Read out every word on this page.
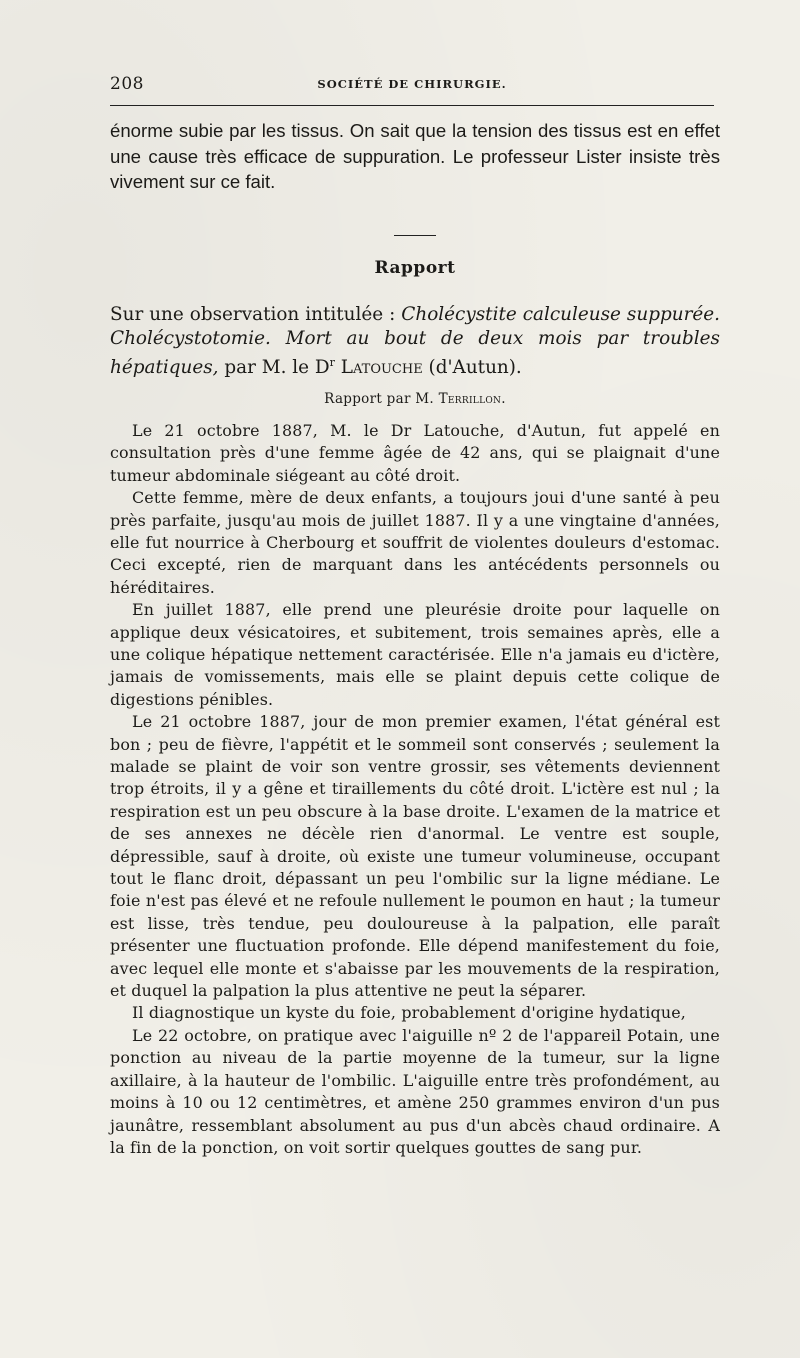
208	SOCIÉTÉ DE CHIRURGIE.

énorme subie par les tissus. On sait que la tension des tissus est en effet une cause très efficace de suppuration. Le professeur Lister insiste très vivement sur ce fait.

Rapport
Sur une observation intitulée : Cholécystite calculeuse suppurée. Cholécystotomie. Mort au bout de deux mois par troubles hépatiques, par M. le $D^r$ Latouche (d'Autun).
Rapport par M. Terrillon.

Le 21 octobre 1887, M. le Dr Latouche, d'Autun, fut appelé en consultation près d'une femme âgée de 42 ans, qui se plaignait d'une tumeur abdominale siégeant au côté droit.

Cette femme, mère de deux enfants, a toujours joui d'une santé à peu près parfaite, jusqu'au mois de juillet 1887. Il y a une vingtaine d'années, elle fut nourrice à Cherbourg et souffrit de violentes douleurs d'estomac. Ceci excepté, rien de marquant dans les antécédents personnels ou héréditaires.

En juillet 1887, elle prend une pleurésie droite pour laquelle on applique deux vésicatoires, et subitement, trois semaines après, elle a une colique hépatique nettement caractérisée. Elle n'a jamais eu d'ictère, jamais de vomissements, mais elle se plaint depuis cette colique de digestions pénibles.

Le 21 octobre 1887, jour de mon premier examen, l'état général est bon ; peu de fièvre, l'appétit et le sommeil sont conservés ; seulement la malade se plaint de voir son ventre grossir, ses vêtements deviennent trop étroits, il y a gêne et tiraillements du côté droit. L'ictère est nul ; la respiration est un peu obscure à la base droite. L'examen de la matrice et de ses annexes ne décèle rien d'anormal. Le ventre est souple, dépressible, sauf à droite, où existe une tumeur volumineuse, occupant tout le flanc droit, dépassant un peu l'ombilic sur la ligne médiane. Le foie n'est pas élevé et ne refoule nullement le poumon en haut ; la tumeur est lisse, très tendue, peu douloureuse à la palpation, elle paraît présenter une fluctuation profonde. Elle dépend manifestement du foie, avec lequel elle monte et s'abaisse par les mouvements de la respiration, et duquel la palpation la plus attentive ne peut la séparer.

Il diagnostique un kyste du foie, probablement d'origine hydatique,

Le 22 octobre, on pratique avec l'aiguille nº 2 de l'appareil Potain, une ponction au niveau de la partie moyenne de la tumeur, sur la ligne axillaire, à la hauteur de l'ombilic. L'aiguille entre très profondément, au moins à 10 ou 12 centimètres, et amène 250 grammes environ d'un pus jaunâtre, ressemblant absolument au pus d'un abcès chaud ordinaire. A la fin de la ponction, on voit sortir quelques gouttes de sang pur.
